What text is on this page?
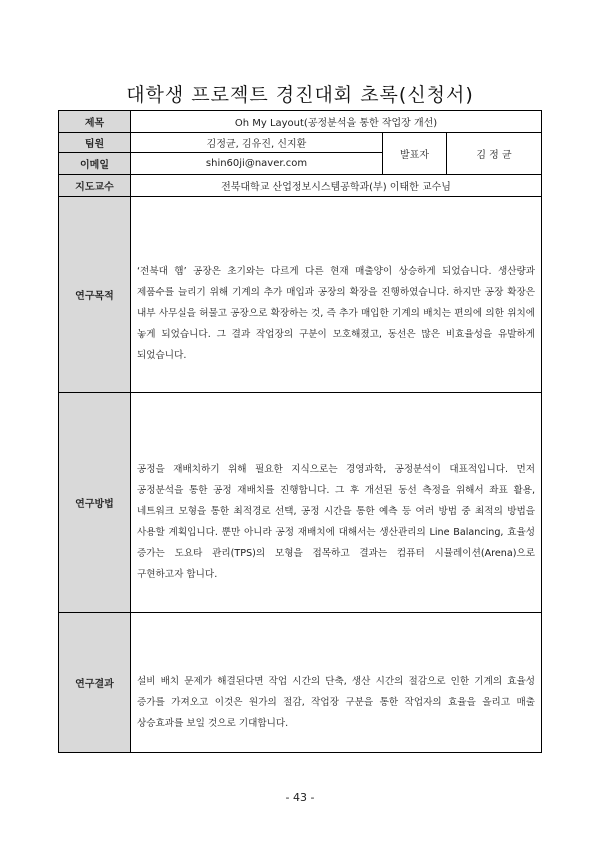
대학생 프로젝트 경진대회 초록(신청서)
제목	Oh My Layout(공정분석을 통한 작업장 개선)		
팀원	김정균, 김유진, 신지환	발표자	김 정 균
이메일	shin60ji@naver.com		
지도교수	전북대학교 산업정보시스템공학과(부) 이태한 교수님		
연구목적	‘전북대 햄’ 공장은 초기와는 다르게 다른 현재 매출양이 상승하게 되었습니다. 생산량과 제품수를 늘리기 위해 기계의 추가 매입과 공장의 확장을 진행하였습니다. 하지만 공장 확장은 내부 사무실을 허물고 공장으로 확장하는 것, 즉 추가 매입한 기계의 배치는 편의에 의한 위치에 놓게 되었습니다. 그 결과 작업장의 구분이 모호해졌고, 동선은 많은 비효율성을 유발하게 되었습니다.		

연구방법	공정을 재배치하기 위해 필요한 지식으로는 경영과학, 공정분석이 대표적입니다. 먼저 공정분석을 통한 공정 재배치를 진행합니다. 그 후 개선된 동선 측정을 위해서 좌표 활용, 네트워크 모형을 통한 최적경로 선택, 공정 시간을 통한 예측 등 여러 방법 중 최적의 방법을 사용할 계획입니다. 뿐만 아니라 공정 재배치에 대해서는 생산관리의 Line Balancing, 효율성 증가는 도요타 관리(TPS)의 모형을 접목하고 결과는 컴퓨터 시뮬레이션(Arena)으로 구현하고자 합니다.		

연구결과	설비 배치 문제가 해결된다면 작업 시간의 단축, 생산 시간의 절감으로 인한 기계의 효율성 증가를 가져오고 이것은 원가의 절감, 작업장 구분을 통한 작업자의 효율을 올리고 매출 상승효과를 보일 것으로 기대합니다.		
- 43 -
